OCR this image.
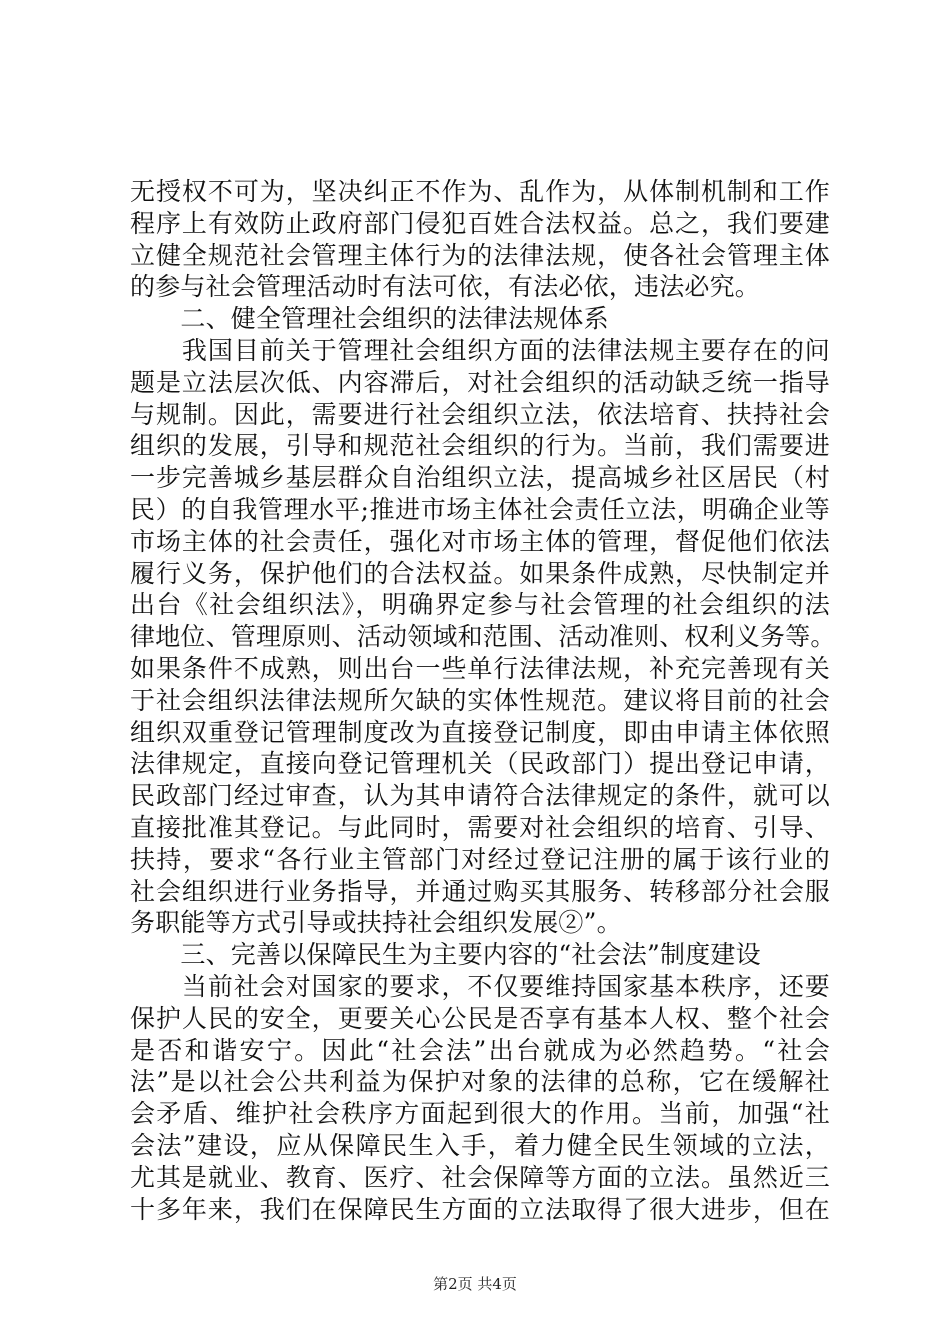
无授权不可为，坚决纠正不作为、乱作为，从体制机制和工作
程序上有效防止政府部门侵犯百姓合法权益。总之，我们要建
立健全规范社会管理主体行为的法律法规，使各社会管理主体
的参与社会管理活动时有法可依，有法必依，违法必究。
　　二、健全管理社会组织的法律法规体系
　　我国目前关于管理社会组织方面的法律法规主要存在的问
题是立法层次低、内容滞后，对社会组织的活动缺乏统一指导
与规制。因此，需要进行社会组织立法，依法培育、扶持社会
组织的发展，引导和规范社会组织的行为。当前，我们需要进
一步完善城乡基层群众自治组织立法，提高城乡社区居民（村
民）的自我管理水平;推进市场主体社会责任立法，明确企业等
市场主体的社会责任，强化对市场主体的管理，督促他们依法
履行义务，保护他们的合法权益。如果条件成熟，尽快制定并
出台《社会组织法》，明确界定参与社会管理的社会组织的法
律地位、管理原则、活动领域和范围、活动准则、权利义务等。
如果条件不成熟，则出台一些单行法律法规，补充完善现有关
于社会组织法律法规所欠缺的实体性规范。建议将目前的社会
组织双重登记管理制度改为直接登记制度，即由申请主体依照
法律规定，直接向登记管理机关（民政部门）提出登记申请，
民政部门经过审查，认为其申请符合法律规定的条件，就可以
直接批准其登记。与此同时，需要对社会组织的培育、引导、
扶持，要求“各行业主管部门对经过登记注册的属于该行业的
社会组织进行业务指导，并通过购买其服务、转移部分社会服
务职能等方式引导或扶持社会组织发展②”。
　　三、完善以保障民生为主要内容的“社会法”制度建设
　　当前社会对国家的要求，不仅要维持国家基本秩序，还要
保护人民的安全，更要关心公民是否享有基本人权、整个社会
是否和谐安宁。因此“社会法”出台就成为必然趋势。“社会
法”是以社会公共利益为保护对象的法律的总称，它在缓解社
会矛盾、维护社会秩序方面起到很大的作用。当前，加强“社
会法”建设，应从保障民生入手，着力健全民生领域的立法，
尤其是就业、教育、医疗、社会保障等方面的立法。虽然近三
十多年来，我们在保障民生方面的立法取得了很大进步，但在
第2页 共4页
